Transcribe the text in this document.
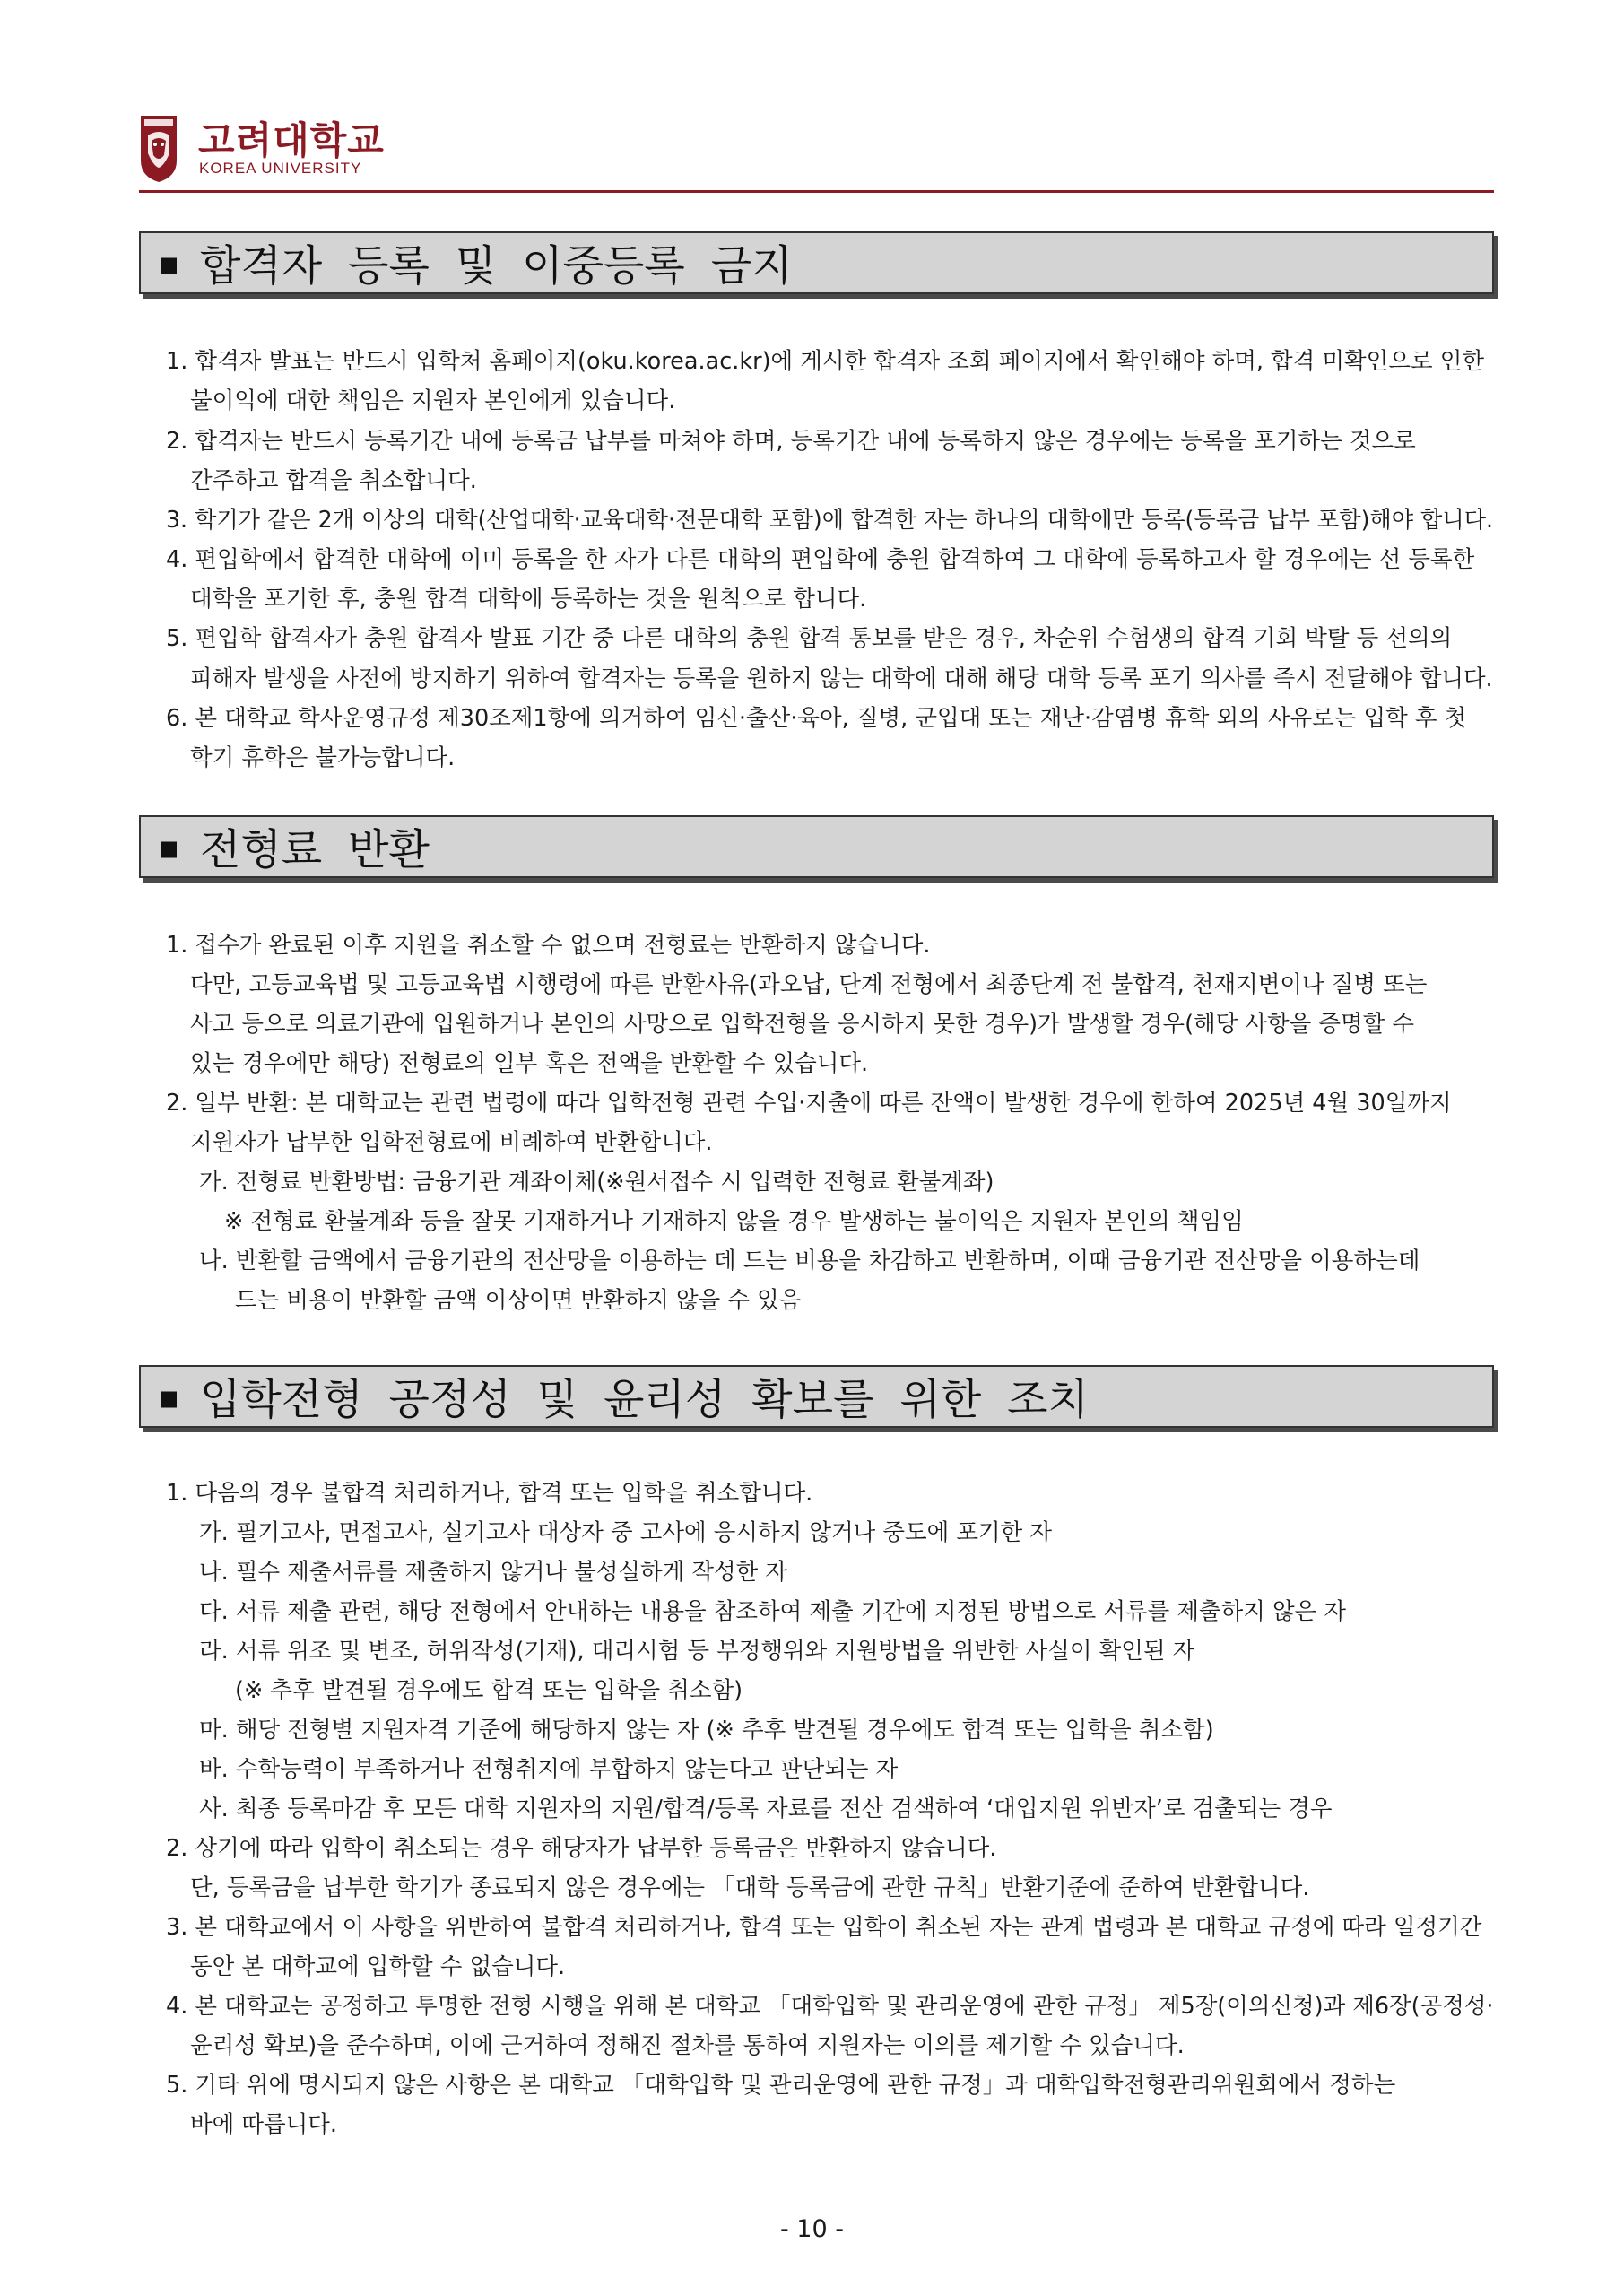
고려대학교
KOREA UNIVERSITY
합격자 등록 및 이중등록 금지
1. 합격자 발표는 반드시 입학처 홈페이지(oku.korea.ac.kr)에 게시한 합격자 조회 페이지에서 확인해야 하며, 합격 미확인으로 인한
불이익에 대한 책임은 지원자 본인에게 있습니다.
2. 합격자는 반드시 등록기간 내에 등록금 납부를 마쳐야 하며, 등록기간 내에 등록하지 않은 경우에는 등록을 포기하는 것으로
간주하고 합격을 취소합니다.
3. 학기가 같은 2개 이상의 대학(산업대학·교육대학·전문대학 포함)에 합격한 자는 하나의 대학에만 등록(등록금 납부 포함)해야 합니다.
4. 편입학에서 합격한 대학에 이미 등록을 한 자가 다른 대학의 편입학에 충원 합격하여 그 대학에 등록하고자 할 경우에는 선 등록한
대학을 포기한 후, 충원 합격 대학에 등록하는 것을 원칙으로 합니다.
5. 편입학 합격자가 충원 합격자 발표 기간 중 다른 대학의 충원 합격 통보를 받은 경우, 차순위 수험생의 합격 기회 박탈 등 선의의
피해자 발생을 사전에 방지하기 위하여 합격자는 등록을 원하지 않는 대학에 대해 해당 대학 등록 포기 의사를 즉시 전달해야 합니다.
6. 본 대학교 학사운영규정 제30조제1항에 의거하여 임신·출산·육아, 질병, 군입대 또는 재난·감염병 휴학 외의 사유로는 입학 후 첫
학기 휴학은 불가능합니다.
전형료 반환
1. 접수가 완료된 이후 지원을 취소할 수 없으며 전형료는 반환하지 않습니다.
다만, 고등교육법 및 고등교육법 시행령에 따른 반환사유(과오납, 단계 전형에서 최종단계 전 불합격, 천재지변이나 질병 또는
사고 등으로 의료기관에 입원하거나 본인의 사망으로 입학전형을 응시하지 못한 경우)가 발생할 경우(해당 사항을 증명할 수
있는 경우에만 해당) 전형료의 일부 혹은 전액을 반환할 수 있습니다.
2. 일부 반환: 본 대학교는 관련 법령에 따라 입학전형 관련 수입·지출에 따른 잔액이 발생한 경우에 한하여 2025년 4월 30일까지
지원자가 납부한 입학전형료에 비례하여 반환합니다.
가. 전형료 반환방법: 금융기관 계좌이체(※원서접수 시 입력한 전형료 환불계좌)
※ 전형료 환불계좌 등을 잘못 기재하거나 기재하지 않을 경우 발생하는 불이익은 지원자 본인의 책임임
나. 반환할 금액에서 금융기관의 전산망을 이용하는 데 드는 비용을 차감하고 반환하며, 이때 금융기관 전산망을 이용하는데
드는 비용이 반환할 금액 이상이면 반환하지 않을 수 있음
입학전형 공정성 및 윤리성 확보를 위한 조치
1. 다음의 경우 불합격 처리하거나, 합격 또는 입학을 취소합니다.
가. 필기고사, 면접고사, 실기고사 대상자 중 고사에 응시하지 않거나 중도에 포기한 자
나. 필수 제출서류를 제출하지 않거나 불성실하게 작성한 자
다. 서류 제출 관련, 해당 전형에서 안내하는 내용을 참조하여 제출 기간에 지정된 방법으로 서류를 제출하지 않은 자
라. 서류 위조 및 변조, 허위작성(기재), 대리시험 등 부정행위와 지원방법을 위반한 사실이 확인된 자
(※ 추후 발견될 경우에도 합격 또는 입학을 취소함)
마. 해당 전형별 지원자격 기준에 해당하지 않는 자 (※ 추후 발견될 경우에도 합격 또는 입학을 취소함)
바. 수학능력이 부족하거나 전형취지에 부합하지 않는다고 판단되는 자
사. 최종 등록마감 후 모든 대학 지원자의 지원/합격/등록 자료를 전산 검색하여 ‘대입지원 위반자’로 검출되는 경우
2. 상기에 따라 입학이 취소되는 경우 해당자가 납부한 등록금은 반환하지 않습니다.
단, 등록금을 납부한 학기가 종료되지 않은 경우에는 「대학 등록금에 관한 규칙」반환기준에 준하여 반환합니다.
3. 본 대학교에서 이 사항을 위반하여 불합격 처리하거나, 합격 또는 입학이 취소된 자는 관계 법령과 본 대학교 규정에 따라 일정기간
동안 본 대학교에 입학할 수 없습니다.
4. 본 대학교는 공정하고 투명한 전형 시행을 위해 본 대학교 「대학입학 및 관리운영에 관한 규정」 제5장(이의신청)과 제6장(공정성·
윤리성 확보)을 준수하며, 이에 근거하여 정해진 절차를 통하여 지원자는 이의를 제기할 수 있습니다.
5. 기타 위에 명시되지 않은 사항은 본 대학교 「대학입학 및 관리운영에 관한 규정」과 대학입학전형관리위원회에서 정하는
바에 따릅니다.
- 10 -
